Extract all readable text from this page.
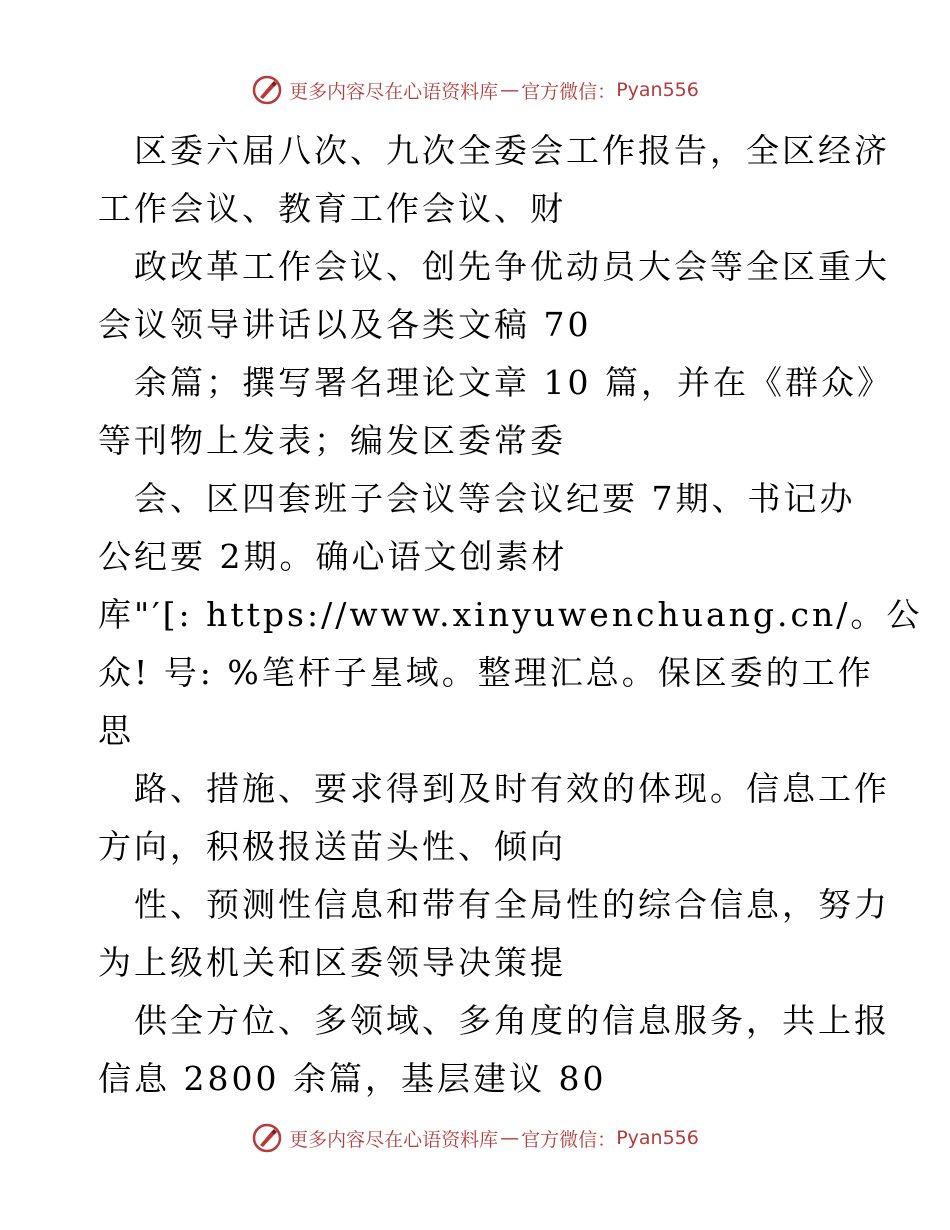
更多内容尽在心语资料库 — 官方微信： Pyan556
区委六届八次、九次全委会工作报告，全区经济
工作会议、教育工作会议、财
政改革工作会议、创先争优动员大会等全区重大
会议领导讲话以及各类文稿 70
余篇；撰写署名理论文章 10 篇，并在《群众》
等刊物上发表；编发区委常委
会、区四套班子会议等会议纪要 7期、书记办
公纪要 2期。确心语文创素材
库"′[: https://www.xinyuwenchuang.cn/。公
众! 号: %笔杆子星域。整理汇总。保区委的工作
思
路、措施、要求得到及时有效的体现。信息工作
方向，积极报送苗头性、倾向
性、预测性信息和带有全局性的综合信息，努力
为上级机关和区委领导决策提
供全方位、多领域、多角度的信息服务，共上报
信息 2800 余篇，基层建议 80
更多内容尽在心语资料库 — 官方微信： Pyan556
